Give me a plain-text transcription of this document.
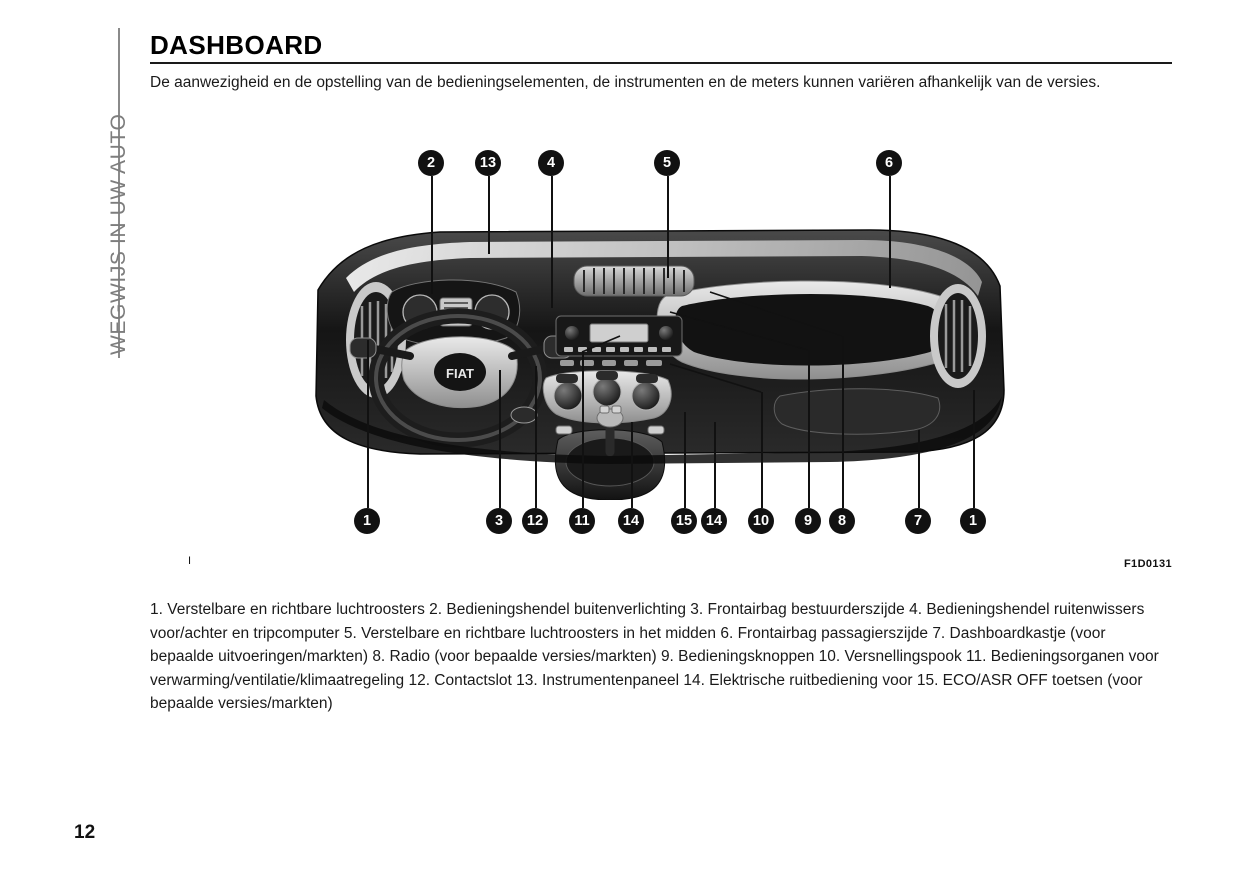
WEGWIJS IN UW AUTO
DASHBOARD
De aanwezigheid en de opstelling van de bedieningselementen, de instrumenten en de meters kunnen variëren afhankelijk van de versies.
FIAT
2	13	4	5	6
1	3	12	11	14	15 14	10	9	8	7	1
I	F1D0131
1. Verstelbare en richtbare luchtroosters 2. Bedieningshendel buitenverlichting 3. Frontairbag bestuurderszijde 4. Bedieningshendel ruitenwissers voor/achter en tripcomputer 5. Verstelbare en richtbare luchtroosters in het midden 6. Frontairbag passagierszijde 7. Dashboardkastje (voor bepaalde uitvoeringen/markten) 8. Radio (voor bepaalde versies/markten) 9. Bedieningsknoppen 10. Versnellingspook 11. Bedieningsorganen voor verwarming/ventilatie/klimaatregeling 12. Contactslot 13. Instrumentenpaneel 14. Elektrische ruitbediening voor 15. ECO/ASR OFF toetsen (voor bepaalde versies/markten)
12
